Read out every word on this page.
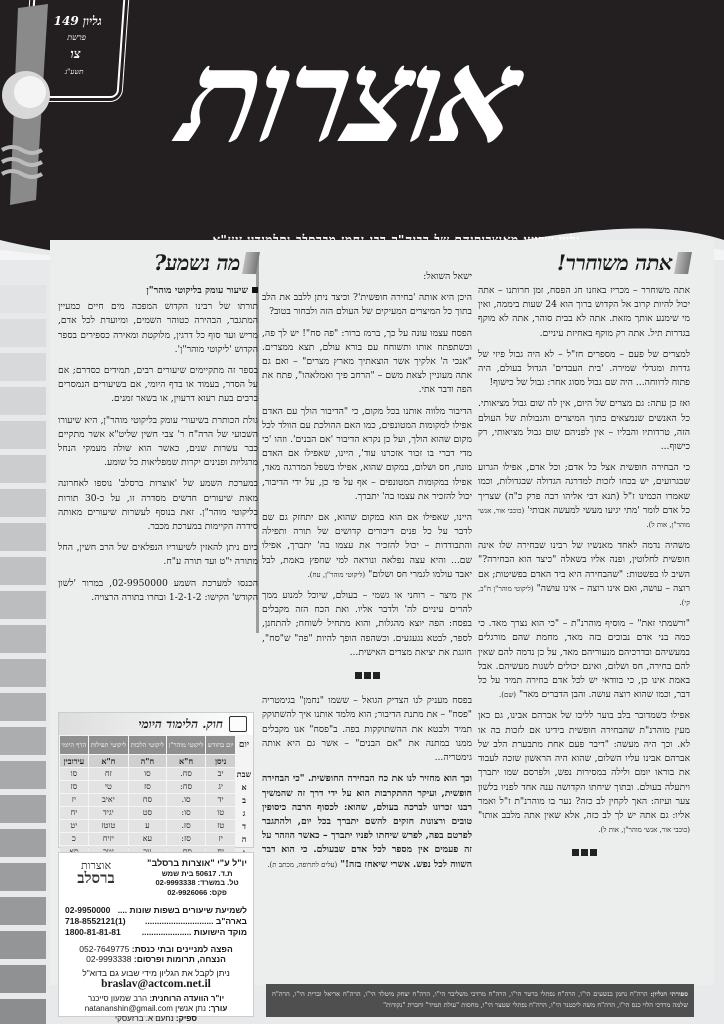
גליון 149
פרשת
צו
תשע"ג אוצרות
אתה משוחרר!

אתה משוחרר – מכריז באוזנו חג הפסח, זמן חרותנו – אתה יכול להיות קרוב אל הקדוש ברוך הוא 24 שעות ביממה, ואין מי שימנע אותך מזאת. אתה לא בבית סוהר, אתה לא מוקף בגדרות תיל. אתה רק מוקף באחיזת עיניים.

למצרים של פעם – מספרים חז"ל – לא היה גבול פיזי של גדרות ומגדלי שמירה. 'בית העבדים' הגדול בעולם, היה פתוח לרווחה... היה שם גבול מסוג אחר: גבול של כישוף!

ואז כן עתה: גם מצרים של היום, אין לה שום גבול מציאותי. כל האנשים שנמצאים בתוך המיצרים והגבולות של העולם הזה, טרדותיו והבליו – אין לפניהם שום גבול מציאותי, רק כישוף...

כי הבחירה חופשית אצל כל אדם; וכל אדם, אפילו הגרוע שבגרועים, יש בכחו לזכות למדרגה הגדולה שבגדולות, וכמו שאמרו הכמינו ז"ל (תנא דבי אליהו רבה פרק כ"ה) שצריך כל אדם לומר 'מתי יגיעו מעשי למעשה אבותי' (כוכבי אור, אנשי מוהר"ן, אות ל).

משהיה נדמה לאחד מאנשיו של רבינו שבחירה שלו אינה חופשית לחלוטין, ופנה אליו בשאלה "כיצד הוא הבחירה?" השיב לו בפשטות: "שהבחירה היא ביד האדם בפשיטות; אם רוצה – עושה, ואם אינו רוצה – אינו עושה" (ליקוטי מוהר"ן ח"ב, קי).

"ורשמתי זאת" – מוסיף מוהרנ"ת – "כי הוא נצרך מאד. כי כמה בני אדם נבוכים בזה מאד, מחמת שהם מורגלים במעשיהם ובדרכיהם מנעוריהם מאד, על כן נדמה להם שאין להם בחירה, חס ושלום, ואינם יכולים לשנות מעשיהם. אבל באמת אינו כן, כי בוודאי יש לכל אדם בחירה תמיד על כל דבר, וכמו שהוא רוצה עושה. והבן הדברים מאד" (שם).

אפילו כשמדובר בלב בוער לליבו של אברהם אבינו, גם כאן מעין מוהרנ"ת שהבחירה חופשית בידינו אם לזכות בה או לא. וכך היה מעשה: "דיבר פעם אחת מתבערת הלב של אברהם אבינו עליו השלום, שהוא היה הראשון שזכה לעבוד את בוראו יומם ולילה במסירות נפש, ולפרסם שמו יתברך ויתעלה בעולם. ובתוך שיחתו הקדושה ענה אחד לפניו בלשון צער ועיזה: האך לקחין לב כזה? נער בו מוהרנ"ת ז"ל ואמר אליו: גם אתה יש לך לב כזה, אלא שאין אתה מלבב אותו" (כוכבי אור, אנשי מוהר"ן, אות ל).

ישאל השואל:

היכן היא אותה 'בחירה חופשית'? וכיצד ניתן ללבב את הלב בתוך כל המיצרים המעיקים של העולם הזה ולבחור בטוב?

הפסח עצמו עונה על כך, ברמז ברור: "פה סח"! יש לך פה, וכשתפתח אותו ותשוחח עם בורא עולם, תצא ממצרים. "אנכי ה' אלקיך אשר הוצאתיך מארץ מצרים" – ואם גם אתה מעוניין לצאת משם – "הרחב פיך ואמלאהו", פתח את הפה ודבר אתי.

הדיבור מלווה אותנו בכל מקום, כי "הדיבור הולך עם האדם אפילו למקומות המטונפים, כמו האם ההולכת עם הוולד לכל מקום שהוא הולך, ועל כן נקרא הדיבור 'אם הבנים'. וזהו 'כי מדי דברי בו זכור אזכרנו עוד', היינו, שאפילו אם האדם מונח, חס ושלום, במקום שהוא, אפילו בשפל המדרגה מאד, אפילו במקומות המטונפים – אף על פי כן, על ידי הדיבור, יכול להזכיר את עצמו בה' יתברך.

היינו, שאפילו אם הוא במקום שהוא, אם יתחזק גם שם לדבר על כל פנים דיבורים קדושים של תורה ותפילה והתבודדות – יכול להזכיר את עצמו בה' יתברך, אפילו שם... והיא עצה נפלאה ונוראה למי שחפץ באמת, לבל יאבד עולמו לגמרי חס ושלום" (ליקוטי מוהר"ן, עח).

אין מיצר – רוחני או גשמי – בעולם, שיוכל למנוע ממך להרים עיניים לה' ולדבר אליו. ואת הכח הזה מקבלים בפסח: הפה יוצא מהגלות, והוא מתחיל לשוחח; להתחנן, לספר, לבטא נגעגעים. וכשהפה הופך להיות "פה" ש"סח", חוגגת את יציאת מצרים האישית...

בפסח מעניק לנו הצדיק הגואל – ששמו "נחמן" בגימטריה "פסח" – את מתנת הדיבור; הוא מלמד אותנו איך להשתוקק תמיד ולבטא את ההשתוקקות בפה. ב"פסח" אנו מקבלים ממנו במתנה את "אם הבנים" – אשר גם היא אותה גימטריה...

וכך הוא מחזיר לנו את כח הבחירה החופשית. "כי הבחירה חופשית, ועיקר ההתקרבות הוא על ידי דרך זה שהמשיך רבנו זכרונו לברכה בעולם, שהוא: לכסוף הרבה כיסופין טובים ורצונות חזקים להשם יתברך בכל יום, ולהתגבר לפרטם בפה, לפרש שיחתו לפניו יתברך – כאשר הוזהר על זה פעמים אין מספר לכל אדם שבעולם. כי הוא דבר השווה לכל נפש. אשרי שיאחז בזה!" (עלים לתרופה, מכתב ת).

מה נשמע?
שיעור עומק בליקוטי מוהר"ן

תורתו של רבינו הקדוש המפכה מים חיים כמעיין המתגבר, הבהירה כטוהר השמים, ומיועדת לכל אדם, מריש ועד סוף כל דרגין, מלוקטת ומאירה כספירים בספר הקדוש 'ליקוטי מוהר"ן'.

בספר זה מתקיימים שיעורים רבים, תמידים כסדרם; אם על הסדר, בעמוד או בדף היומי, אם בשיעורים הנמסרים ברבים בעת רעוא דרעוין, או בשאר זמנים.

גולת הכותרת בשיעורי עומק בליקוטי מוהר"ן, היא שיעורו השבועי של הרה"ח ר' צבי חשין שליט"א אשר מתקיים כבר עשרות שנים, כאשר הוא שולה מעמקי הנחל מרגליות ופנינים יקרות שמפליאות כל שומע.

במערכת השמע של 'אוצרות ברסלב' נוספו לאחרונה מאות שיעורים חדשים מסדרה זו, על כ-30 תורות בליקוטי מוהר"ן. זאת בנוסף לעשרות שיעורים מאותה סידרה הקיימות במערכת מכבר.

כיום ניתן להאזין לשיעוריו הנפלאים של הרב חשין, החל מתורה י"ט ועד תורה ע"ח.

הכנסו למערכת השמע 02-9950000, במרור 'לשון הקודש' הקישו: 1-2-1-2 ובחרו בתורה הרצויה.

חוק. הלימוד היומי
יום	יום בחודש	ליקוטי מוהר"ן	ליקוטי הלכות	ליקוטי תפילות	הדף היומי
	ניסן	ח"א	ח"ה	ח"א	עירובין
שבת	יב	סח.	סו	זח	סו
א	יג	סח:	סז	טי	סז
ב	יד	סו.	סח	יאיב	יז
ג	טו	סו:	סט	יגיד	יח
ד	טז	סז.	ע	טוטז	יט
ה	יז	סז:	עא	יזיח	כ

יו"ל ע"י "אוצרות ברסלב"
ת.ד. 50617 בית שמש
טל. במשרד: 02-9993338
פקס: 02-9926066
אוצרות
ברסלב
לשמיעת שיעורים בשפות שונות ....
02-9950000
בארה"ב .............................
(1)718-8552121
מוקד הישועות .....................
1800-81-81-81
הפצה למניינים ובתי כנסת: 052-7649775
הנצחה, תרומות ופרסום: 02-9993338
ניתן לקבל את הגליון מידי שבוע גם בדוא"ל
braslav@actcom.net.il
יו"ר הוועדה הרוחנית: הרב שמעון סייכנר
עורך: נתן אנשין natananshin@gmail.com
ספיק: נחעם א. ברזעסקי
ספורתי הגליון: הרה"ח נחמן בנשעים הי"ו, הרה"ח נפתלי ברטר הי"ו, הרה"ח מרדכי משליבר הי"ו, הרה"ח יצחק מיטלד הי"ו, הרה"ח אריאל וברית הי"ו, הרה"ח שלמה מרדכי הלוי כנס הי"ו, הרה"ח משה ליכטנר הי"ו, הרה"ח נפתלי שטצר הי"ו, מחסות "עולת תמיד" וחברת "נקודות"
